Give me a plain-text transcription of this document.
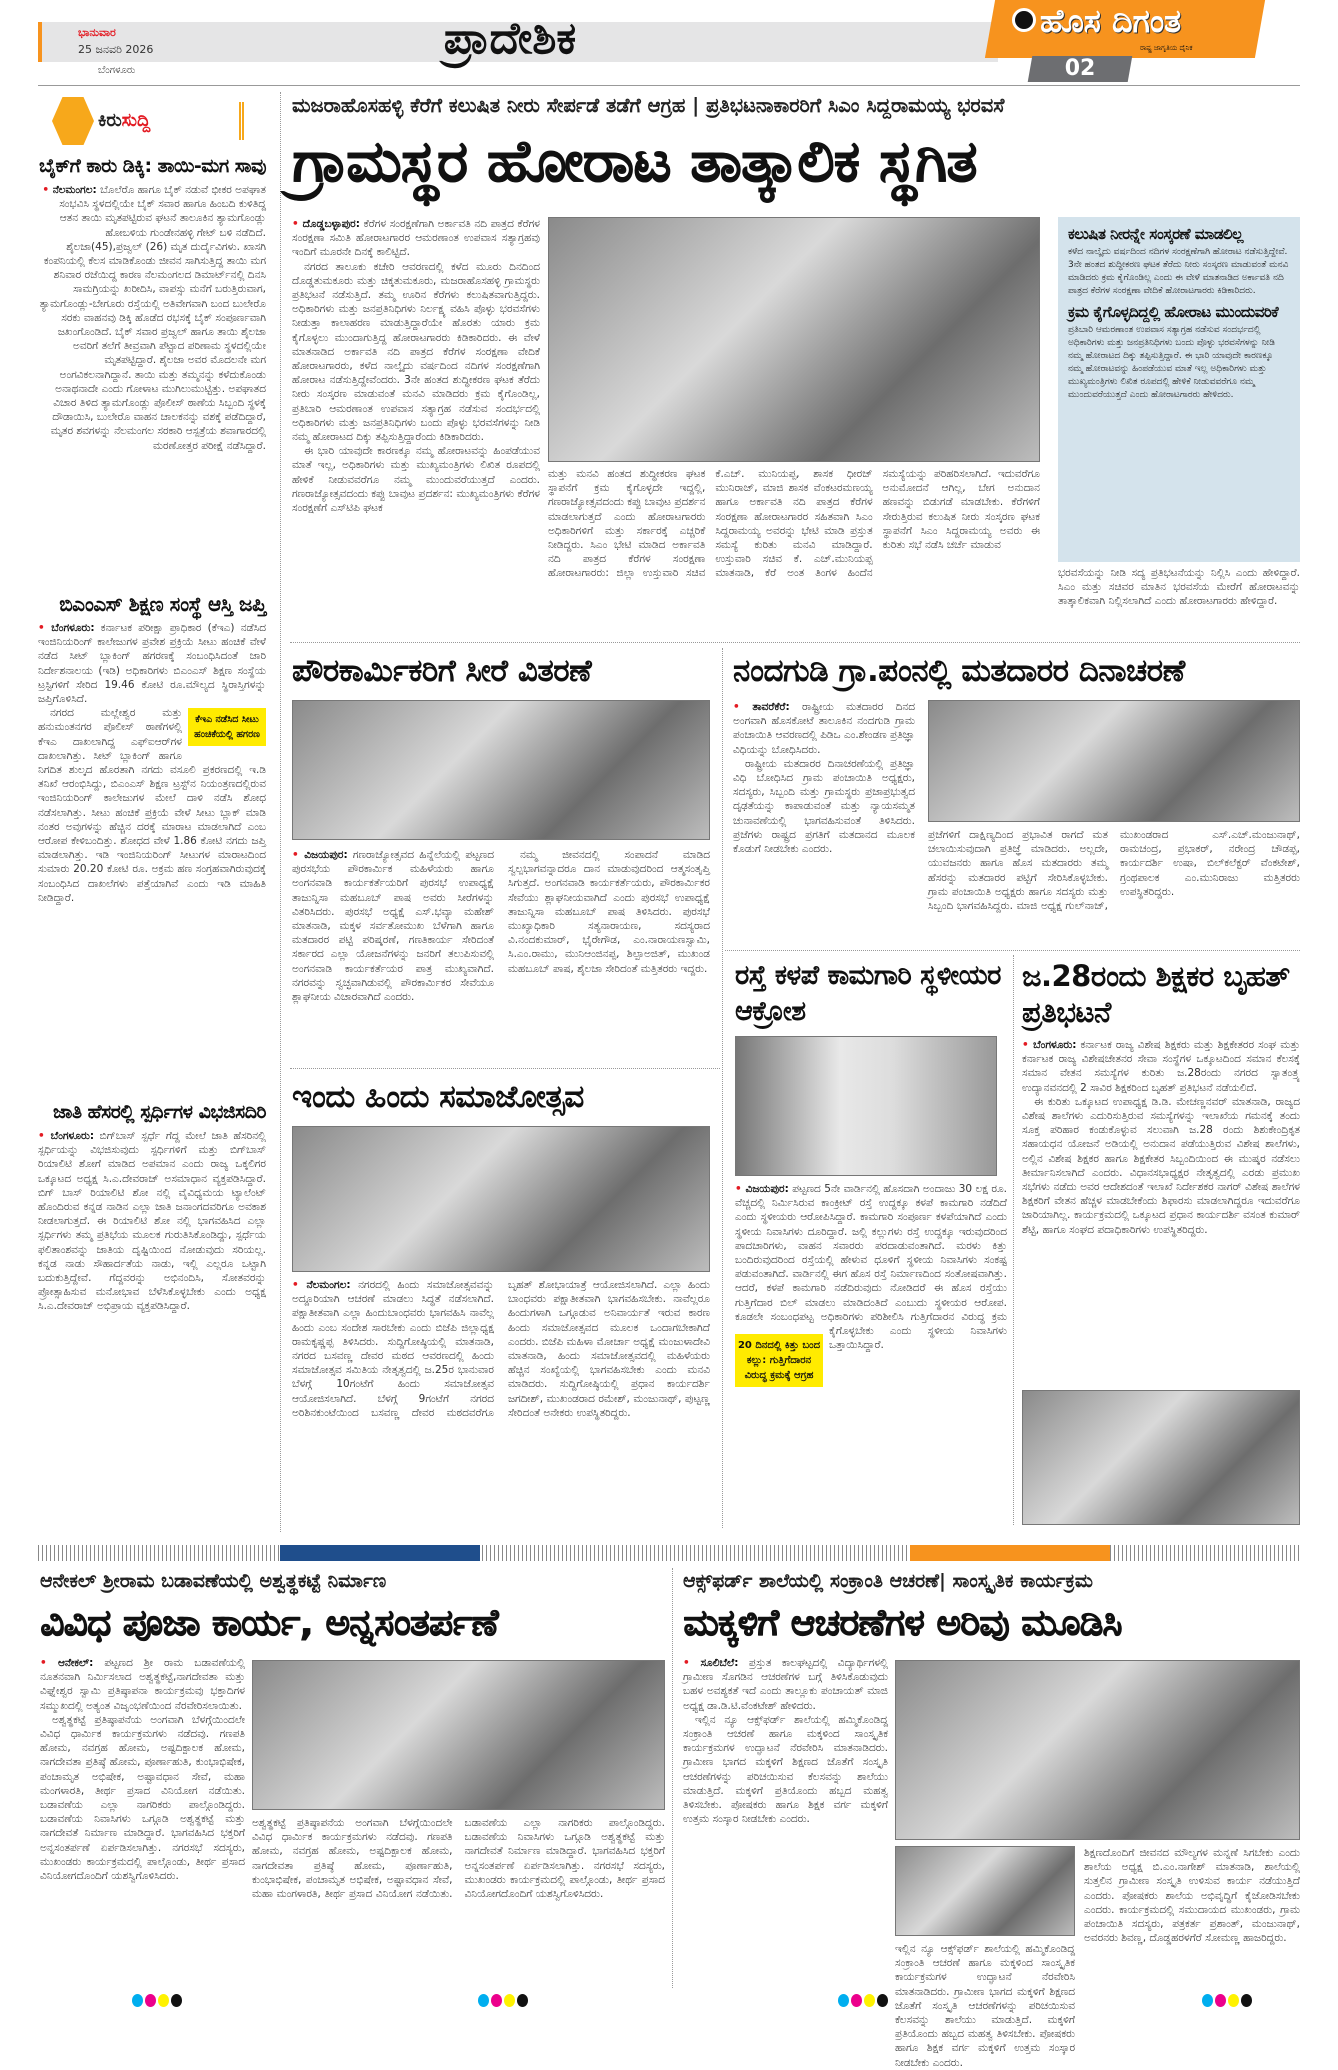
ಭಾನುವಾರ
25 ಜನವರಿ 2026
ಬೆಂಗಳೂರು
ಪ್ರಾದೇಶಿಕ	ಹೊಸ ದಿಗಂತ
ರಾಷ್ಟ್ರ ಜಾಗೃತಿಯ ದೈನಿಕ
02
ಕಿರುಸುದ್ದಿ
ಬೈಕ್‌ಗೆ ಕಾರು ಡಿಕ್ಕಿ: ತಾಯಿ-ಮಗ ಸಾವು

• ನೆಲಮಂಗಲ: ಬೊಲೆರೊ ಹಾಗೂ ಬೈಕ್ ನಡುವೆ ಭೀಕರ ಅಪಘಾತ ಸಂಭವಿಸಿ ಸ್ಥಳದಲ್ಲಿಯೇ ಬೈಕ್ ಸವಾರ ಹಾಗೂ ಹಿಂಬದಿ ಕುಳಿತಿದ್ದ ಆತನ ತಾಯಿ ಮೃತಪಟ್ಟಿರುವ ಘಟನೆ ತಾಲೂಕಿನ ತ್ಯಾಮಗೊಂಡ್ಲು ಹೋಬಳಿಯ ಗುಂಡೇನಹಳ್ಳಿ ಗೇಟ್ ಬಳಿ ನಡೆದಿದೆ. ಶೈಲಜಾ(45),ಪ್ರಜ್ವಲ್ (26) ಮೃತ ದುರ್ದೈವಿಗಳು. ಖಾಸಗಿ ಕಂಪನಿಯಲ್ಲಿ ಕೆಲಸ ಮಾಡಿಕೊಂಡು ಜೀವನ ಸಾಗಿಸುತ್ತಿದ್ದ ತಾಯಿ ಮಗ ಶನಿವಾರ ರಜೆಯಿದ್ದ ಕಾರಣ ನೆಲಮಂಗಲದ ಡಿಮಾರ್ಟ್‌ನಲ್ಲಿ ದಿನಸಿ ಸಾಮಗ್ರಿಯನ್ನು ಖರೀದಿಸಿ, ವಾಪಸ್ಸು ಮನೆಗೆ ಬರುತ್ತಿರುವಾಗ, ತ್ಯಾಮಗೊಂಡ್ಲು-ಬೇಗೂರು ರಸ್ತೆಯಲ್ಲಿ ಅತಿವೇಗವಾಗಿ ಬಂದ ಬುಲೇರೊ ಸರಕು ವಾಹನವು ಡಿಕ್ಕಿ ಹೊಡೆದ ರಭಸಕ್ಕೆ ಬೈಕ್ ಸಂಪೂರ್ಣವಾಗಿ ಜಖಂಗೊಂಡಿದೆ. ಬೈಕ್ ಸವಾರ ಪ್ರಜ್ವಲ್ ಹಾಗೂ ತಾಯಿ ಶೈಲಜಾ ಅವರಿಗೆ ತಲೆಗೆ ತೀವ್ರವಾಗಿ ಪೆಟ್ಟಾದ ಪರಿಣಾಮ ಸ್ಥಳದಲ್ಲಿಯೇ ಮೃತಪಟ್ಟಿದ್ದಾರೆ. ಶೈಲಜಾ ಅವರ ಮೊದಲನೇ ಮಗ ಅಂಗವಿಕಲನಾಗಿದ್ದಾನೆ. ತಾಯಿ ಮತ್ತು ತಮ್ಮನನ್ನು ಕಳೆದುಕೊಂಡು ಅನಾಥನಾದೇ ಎಂದು ಗೋಳಾಟ ಮುಗಿಲುಮುಟ್ಟಿತ್ತು. ಅಪಘಾತದ ವಿಚಾರ ತಿಳಿದ ತ್ಯಾಮಗೊಂಡ್ಲು ಪೊಲೀಸ್ ಠಾಣೆಯ ಸಿಬ್ಬಂದಿ ಸ್ಥಳಕ್ಕೆ ದೌಡಾಯಿಸಿ, ಬುಲೇರೊ ವಾಹನ ಚಾಲಕನನ್ನು ವಶಕ್ಕೆ ಪಡೆದಿದ್ದಾರೆ, ಮೃತರ ಶವಗಳನ್ನು ನೆಲಮಂಗಲ ಸರಕಾರಿ ಆಸ್ಪತ್ರೆಯ ಶವಾಗಾರದಲ್ಲಿ ಮರಣೋತ್ತರ ಪರೀಕ್ಷೆ ನಡೆಸಿದ್ದಾರೆ.

ಬಿಎಂಎಸ್ ಶಿಕ್ಷಣ ಸಂಸ್ಥೆ ಆಸ್ತಿ ಜಪ್ತಿ

• ಬೆಂಗಳೂರು: ಕರ್ನಾಟಕ ಪರೀಕ್ಷಾ ಪ್ರಾಧಿಕಾರ (ಕೆಇಎ) ನಡೆಸಿದ ಇಂಜಿನಿಯರಿಂಗ್ ಕಾಲೇಜುಗಳ ಪ್ರವೇಶ ಪ್ರಕ್ರಿಯೆ ಸೀಟು ಹಂಚಿಕೆ ವೇಳೆ ನಡೆದ ಸೀಟ್ ಬ್ಲಾಕಿಂಗ್ ಹಗರಣಕ್ಕೆ ಸಂಬಂಧಿಸಿದಂತೆ ಜಾರಿ ನಿರ್ದೇಶನಾಲಯ (ಇಡಿ) ಅಧಿಕಾರಿಗಳು ಬಿಎಂಎಸ್ ಶಿಕ್ಷಣ ಸಂಸ್ಥೆಯ ಟ್ರಸ್ಟಿಗಳಿಗೆ ಸೇರಿದ 19.46 ಕೋಟಿ ರೂ.ಮೌಲ್ಯದ ಸ್ಥಿರಾಸ್ತಿಗಳನ್ನು ಜಪ್ತಿಗೊಳಿಸಿದೆ.

ಕೆಇಎ ನಡೆಸಿದ ಸೀಟು ಹಂಚಿಕೆಯಲ್ಲಿ ಹಗರಣ

ನಗರದ ಮಲ್ಲೇಶ್ವರ ಮತ್ತು ಹನುಮಂತನಗರ ಪೊಲೀಸ್ ಠಾಣೆಗಳಲ್ಲಿ ಕೆಇಎ ದಾಖಲಾಗಿದ್ದ ಎಫ್‌ಐಆರ್‌ಗಳ ದಾಖಲಾಗಿತ್ತು. ಸೀಟ್ ಬ್ಲಾಕಿಂಗ್ ಹಾಗೂ ನಿಗದಿತ ಶುಲ್ಕದ ಹೊರತಾಗಿ ನಗದು ವಸೂಲಿ ಪ್ರಕರಣದಲ್ಲಿ ಇ.ಡಿ ತನಿಖೆ ಆರಂಭಿಸಿದ್ದು, ಬಿಎಂಎಸ್ ಶಿಕ್ಷಣ ಟ್ರಸ್ಟ್‌ನ ನಿಯಂತ್ರಣದಲ್ಲಿರುವ ಇಂಜಿನಿಯರಿಂಗ್ ಕಾಲೇಜುಗಳ ಮೇಲೆ ದಾಳಿ ನಡೆಸಿ ಶೋಧ ನಡೆಸಲಾಗಿತ್ತು. ಸೀಟು ಹಂಚಿಕೆ ಪ್ರಕ್ರಿಯೆ ವೇಳೆ ಸೀಟು ಬ್ಲಾಕ್ ಮಾಡಿ ನಂತರ ಅವುಗಳನ್ನು ಹೆಚ್ಚಿನ ದರಕ್ಕೆ ಮಾರಾಟ ಮಾಡಲಾಗಿದೆ ಎಂಬ ಆರೋಪ ಕೇಳಿಬಂದಿತ್ತು. ಶೋಧದ ವೇಳೆ 1.86 ಕೋಟಿ ನಗದು ಜಪ್ತಿ ಮಾಡಲಾಗಿತ್ತು. ಇಡಿ ಇಂಜಿನಿಯರಿಂಗ್ ಸೀಟುಗಳ ಮಾರಾಟದಿಂದ ಸುಮಾರು 20.20 ಕೋಟಿ ರೂ. ಅಕ್ರಮ ಹಣ ಸಂಗ್ರಹವಾಗಿರುವುದಕ್ಕೆ ಸಂಬಂಧಿಸಿದ ದಾಖಲೆಗಳು ಪತ್ತೆಯಾಗಿವೆ ಎಂದು ಇಡಿ ಮಾಹಿತಿ ನೀಡಿದ್ದಾರೆ.

ಜಾತಿ ಹೆಸರಲ್ಲಿ ಸ್ಪರ್ಧಿಗಳ ವಿಭಜಿಸದಿರಿ

• ಬೆಂಗಳೂರು: ಬಿಗ್‌ಬಾಸ್ ಸ್ಪರ್ಧೆ ಗೆದ್ದ ಮೇಲೆ ಜಾತಿ ಹೆಸರಿನಲ್ಲಿ ಸ್ಪರ್ಧಿಯನ್ನು ವಿಭಜಿಸುವುದು ಸ್ಪರ್ಧಿಗಳಿಗೆ ಮತ್ತು ಬಿಗ್‌ಬಾಸ್ ರಿಯಾಲಿಟಿ ಶೋಗೆ ಮಾಡಿದ ಅಪಮಾನ ಎಂದು ರಾಜ್ಯ ಒಕ್ಕಲಿಗರ ಒಕ್ಕೂಟದ ಅಧ್ಯಕ್ಷ ಸಿ.ಎ.ದೇವರಾಜ್ ಅಸಮಾಧಾನ ವ್ಯಕ್ತಪಡಿಸಿದ್ದಾರೆ. ಬಿಗ್ ಬಾಸ್ ರಿಯಾಲಿಟಿ ಶೋ ನಲ್ಲಿ ವೈವಿಧ್ಯಮಯ ಟ್ಯಾಲೆಂಟ್ ಹೊಂದಿರುವ ಕನ್ನಡ ನಾಡಿನ ಎಲ್ಲಾ ಜಾತಿ ಜನಾಂಗದವರಿಗೂ ಅವಕಾಶ ನೀಡಲಾಗುತ್ತದೆ. ಈ ರಿಯಾಲಿಟಿ ಶೋ ನಲ್ಲಿ ಭಾಗವಹಿಸಿದ ಎಲ್ಲಾ ಸ್ಪರ್ಧಿಗಳು ತಮ್ಮ ಪ್ರತಿಭೆಯ ಮೂಲಕ ಗುರುತಿಸಿಕೊಂಡಿದ್ದು, ಸ್ಪರ್ಧೆಯ ಫಲಿತಾಂಶವನ್ನು ಜಾತಿಯ ದೃಷ್ಟಿಯಿಂದ ನೋಡುವುದು ಸರಿಯಲ್ಲ. ಕನ್ನಡ ನಾಡು ಸೌಹಾರ್ದತೆಯ ನಾಡು, ಇಲ್ಲಿ ಎಲ್ಲರೂ ಒಟ್ಟಾಗಿ ಬದುಕುತ್ತಿದ್ದೇವೆ. ಗೆದ್ದವರನ್ನು ಅಭಿನಂದಿಸಿ, ಸೋತವರನ್ನು ಪ್ರೋತ್ಸಾಹಿಸುವ ಮನೋಭಾವ ಬೆಳೆಸಿಕೊಳ್ಳಬೇಕು ಎಂದು ಅಧ್ಯಕ್ಷ ಸಿ.ಎ.ದೇವರಾಜ್ ಅಭಿಪ್ರಾಯ ವ್ಯಕ್ತಪಡಿಸಿದ್ದಾರೆ.

ಮಜರಾಹೊಸಹಳ್ಳಿ ಕೆರೆಗೆ ಕಲುಷಿತ ನೀರು ಸೇರ್ಪಡೆ ತಡೆಗೆ ಆಗ್ರಹ | ಪ್ರತಿಭಟನಾಕಾರರಿಗೆ ಸಿಎಂ ಸಿದ್ದರಾಮಯ್ಯ ಭರವಸೆ
ಗ್ರಾಮಸ್ಥರ ಹೋರಾಟ ತಾತ್ಕಾಲಿಕ ಸ್ಥಗಿತ

• ದೊಡ್ಡಬಳ್ಳಾಪುರ: ಕೆರೆಗಳ ಸಂರಕ್ಷಣೆಗಾಗಿ ಅರ್ಕಾವತಿ ನದಿ ಪಾತ್ರದ ಕೆರೆಗಳ ಸಂರಕ್ಷಣಾ ಸಮಿತಿ ಹೋರಾಟಗಾರರ ಆಮರಣಾಂತ ಉಪವಾಸ ಸತ್ಯಾಗ್ರಹವು ಇಂದಿಗೆ ಮೂರನೇ ದಿನಕ್ಕೆ ಕಾಲಿಟ್ಟಿದೆ.

ನಗರದ ತಾಲೂಕು ಕಚೇರಿ ಆವರಣದಲ್ಲಿ ಕಳೆದ ಮೂರು ದಿನದಿಂದ ದೊಡ್ಡತುಮಕೂರು ಮತ್ತು ಚಿಕ್ಕತುಮಕೂರು, ಮಜರಾಹೊಸಹಳ್ಳಿ ಗ್ರಾಮಸ್ಥರು ಪ್ರತಿಭಟನೆ ನಡೆಸುತ್ತಿದೆ. ತಮ್ಮ ಊರಿನ ಕೆರೆಗಳು ಕಲುಷಿತವಾಗುತ್ತಿದ್ದರು. ಅಧಿಕಾರಿಗಳು ಮತ್ತು ಜನಪ್ರತಿನಿಧಿಗಳು ನಿರ್ಲಕ್ಷ್ಯ ವಹಿಸಿ ಪೊಳ್ಳು ಭರವಸೆಗಳು ನೀಡುತ್ತಾ ಕಾಲಾಹರಣ ಮಾಡುತ್ತಿದ್ದಾರೆಯೇ ಹೊರತು ಯಾರು ಕ್ರಮ ಕೈಗೊಳ್ಳಲು ಮುಂದಾಗುತ್ತಿದ್ದ ಹೋರಾಟಗಾರರು ಕಿಡಿಕಾರಿದರು. ಈ ವೇಳೆ ಮಾತನಾಡಿದ ಅರ್ಕಾವತಿ ನದಿ ಪಾತ್ರದ ಕೆರೆಗಳ ಸಂರಕ್ಷಣಾ ವೇದಿಕೆ ಹೋರಾಟಗಾರರು, ಕಳೆದ ನಾಲ್ಕೈದು ವರ್ಷದಿಂದ ನದಿಗಳ ಸಂರಕ್ಷಣೆಗಾಗಿ ಹೋರಾಟ ನಡೆಸುತ್ತಿದ್ದೇವೆಂದರು. 3ನೇ ಹಂತದ ಶುದ್ಧೀಕರಣ ಘಟಕ ತೆರೆದು ನೀರು ಸಂಸ್ಕರಣ ಮಾಡುವಂತೆ ಮನವಿ ಮಾಡಿದರು ಕ್ರಮ ಕೈಗೊಂಡಿಲ್ಲ, ಪ್ರತಿಬಾರಿ ಆಮರಣಾಂತ ಉಪವಾಸ ಸತ್ಯಾಗ್ರಹ ನಡೆಸುವ ಸಂದರ್ಭದಲ್ಲಿ ಅಧಿಕಾರಿಗಳು ಮತ್ತು ಜನಪ್ರತಿನಿಧಿಗಳು ಬಂದು ಪೊಳ್ಳು ಭರವಸೆಗಳನ್ನು ನೀಡಿ ನಮ್ಮ ಹೋರಾಟದ ದಿಕ್ಕು ತಪ್ಪಿಸುತ್ತಿದ್ದಾರೆಂದು ಕಿಡಿಕಾರಿದರು.

ಈ ಭಾರಿ ಯಾವುದೇ ಕಾರಣಕ್ಕೂ ನಮ್ಮ ಹೋರಾಟವನ್ನು ಹಿಂಪಡೆಯುವ ಮಾತೆ ಇಲ್ಲ, ಅಧಿಕಾರಿಗಳು ಮತ್ತು ಮುಖ್ಯಮಂತ್ರಿಗಳು ಲಿಖಿತ ರೂಪದಲ್ಲಿ ಹೇಳಿಕೆ ನೀಡುವವರೆಗೂ ನಮ್ಮ ಮುಂದುವರೆಯುತ್ತದೆ ಎಂದರು. ಗಣರಾಜ್ಯೋತ್ಸವದಂದು ಕಪ್ಪು ಬಾವುಟ ಪ್ರದರ್ಶನ: ಮುಖ್ಯಮಂತ್ರಿಗಳು ಕೆರೆಗಳ ಸಂರಕ್ಷಣೆಗೆ ಎಸ್‌ಟಿಪಿ ಘಟಕ

ಮತ್ತು ಮನವಿ ಹಂತದ ಶುದ್ಧೀಕರಣ ಘಟಕ ಸ್ಥಾಪನೆಗೆ ಕ್ರಮ ಕೈಗೊಳ್ಳದೇ ಇದ್ದಲ್ಲಿ, ಗಣರಾಜ್ಯೋತ್ಸವದಂದು ಕಪ್ಪು ಬಾವುಟ ಪ್ರದರ್ಶನ ಮಾಡಲಾಗುತ್ತದೆ ಎಂದು ಹೋರಾಟಗಾರರು ಅಧಿಕಾರಿಗಳಿಗೆ ಮತ್ತು ಸರ್ಕಾರಕ್ಕೆ ಎಚ್ಚರಿಕೆ ನೀಡಿದ್ದರು. ಸಿಎಂ ಭೇಟಿ ಮಾಡಿದ ಅರ್ಕಾವತಿ ನದಿ ಪಾತ್ರದ ಕೆರೆಗಳ ಸಂರಕ್ಷಣಾ ಹೋರಾಟಗಾರರು: ಜಿಲ್ಲಾ ಉಸ್ತುವಾರಿ ಸಚಿವ ಕೆ.ಎಚ್. ಮುನಿಯಪ್ಪ, ಶಾಸಕ ಧೀರಜ್ ಮುನಿರಾಜ್, ಮಾಜಿ ಶಾಸಕ ವೆಂಕಟರಮಣಯ್ಯ ಹಾಗೂ ಅರ್ಕಾವತಿ ನದಿ ಪಾತ್ರದ ಕೆರೆಗಳ ಸಂರಕ್ಷಣಾ ಹೋರಾಟಗಾರರ ಸಹಿತವಾಗಿ ಸಿಎಂ ಸಿದ್ದರಾಮಯ್ಯ ಅವರನ್ನು ಭೇಟಿ ಮಾಡಿ ಪ್ರಸ್ತುತ ಸಮಸ್ಯೆ ಕುರಿತು ಮನವಿ ಮಾಡಿದ್ದಾರೆ. ಉಸ್ತುವಾರಿ ಸಚಿವ ಕೆ. ಎಚ್.ಮುನಿಯಪ್ಪ ಮಾತನಾಡಿ, ಕೆರೆ ಅಂತ ತಿಂಗಳ ಹಿಂದೆನ ಸಮಸ್ಯೆಯನ್ನು ಪರಿಹರಿಸಲಾಗಿದೆ. ಇದುವರೆಗೂ ಅನುಮೋದನೆ ಆಗಿಲ್ಲ, ಬೇಗ ಅನುದಾನ ಹಣವನ್ನು ಬಿಡುಗಡೆ ಮಾಡಬೇಕು. ಕೆರೆಗಳಿಗೆ ಸೇರುತ್ತಿರುವ ಕಲುಷಿತ ನೀರು ಸಂಸ್ಕರಣ ಘಟಕ ಸ್ಥಾಪನೆಗೆ ಸಿಎಂ ಸಿದ್ದರಾಮಯ್ಯ ಅವರು ಈ ಕುರಿತು ಸಭೆ ನಡೆಸಿ ಚರ್ಚೆ ಮಾಡುವ

ಕಲುಷಿತ ನೀರನ್ನೇ ಸಂಸ್ಕರಣೆ ಮಾಡಲಿಲ್ಲ
ಕಳೆದ ನಾಲ್ಕೈದು ವರ್ಷದಿಂದ ನದಿಗಳ ಸಂರಕ್ಷಣೆಗಾಗಿ ಹೋರಾಟ ನಡೆಸುತ್ತಿದ್ದೇವೆ. 3ನೇ ಹಂತದ ಶುದ್ಧೀಕರಣ ಘಟಕ ತೆರೆದು ನೀರು ಸಂಸ್ಕರಣ ಮಾಡುವಂತೆ ಮನವಿ ಮಾಡಿದರು ಕ್ರಮ ಕೈಗೊಂಡಿಲ್ಲ ಎಂದು ಈ ವೇಳೆ ಮಾತನಾಡಿದ ಅರ್ಕಾವತಿ ನದಿ ಪಾತ್ರದ ಕೆರೆಗಳ ಸಂರಕ್ಷಣಾ ವೇದಿಕೆ ಹೋರಾಟಗಾರರು ಕಿಡಿಕಾರಿದರು.
ಕ್ರಮ ಕೈಗೊಳ್ಳದಿದ್ದಲ್ಲಿ ಹೋರಾಟ ಮುಂದುವರಿಕೆ
ಪ್ರತಿಬಾರಿ ಆಮರಣಾಂತ ಉಪವಾಸ ಸತ್ಯಾಗ್ರಹ ನಡೆಸುವ ಸಂದರ್ಭದಲ್ಲಿ ಅಧಿಕಾರಿಗಳು ಮತ್ತು ಜನಪ್ರತಿನಿಧಿಗಳು ಬಂದು ಪೊಳ್ಳು ಭರವಸೆಗಳನ್ನು ನೀಡಿ ನಮ್ಮ ಹೋರಾಟದ ದಿಕ್ಕು ತಪ್ಪಿಸುತ್ತಿದ್ದಾರೆ. ಈ ಭಾರಿ ಯಾವುದೇ ಕಾರಣಕ್ಕೂ ನಮ್ಮ ಹೋರಾಟವನ್ನು ಹಿಂಪಡೆಯುವ ಮಾತೆ ಇಲ್ಲ ಅಧಿಕಾರಿಗಳು ಮತ್ತು ಮುಖ್ಯಮಂತ್ರಿಗಳು ಲಿಖಿತ ರೂಪದಲ್ಲಿ ಹೇಳಿಕೆ ನೀಡುವವರೆಗೂ ನಮ್ಮ ಮುಂದುವರೆಯುತ್ತದೆ ಎಂದು ಹೋರಾಟಗಾರರು ಹೇಳಿದರು.

ಭರವಸೆಯನ್ನು ನೀಡಿ ಸದ್ಯ ಪ್ರತಿಭಟನೆಯನ್ನು ನಿಲ್ಲಿಸಿ ಎಂದು ಹೇಳಿದ್ದಾರೆ. ಸಿಎಂ ಮತ್ತು ಸಚಿವರ ಮಾತಿನ ಭರವಸೆಯ ಮೇರೆಗೆ ಹೋರಾಟವನ್ನು ತಾತ್ಕಾಲಿಕವಾಗಿ ನಿಲ್ಲಿಸಲಾಗಿದೆ ಎಂದು ಹೋರಾಟಗಾರರು ಹೇಳಿದ್ದಾರೆ.

ಪೌರಕಾರ್ಮಿಕರಿಗೆ ಸೀರೆ ವಿತರಣೆ

• ವಿಜಯಪುರ: ಗಣರಾಜ್ಯೋತ್ಸವದ ಹಿನ್ನೆಲೆಯಲ್ಲಿ ಪಟ್ಟಣದ ಪುರಸಭೆಯ ಪೌರಕಾರ್ಮಿಕ ಮಹಿಳೆಯರು ಹಾಗೂ ಅಂಗನವಾಡಿ ಕಾರ್ಯಕರ್ತೆಯರಿಗೆ ಪುರಸಭೆ ಉಪಾಧ್ಯಕ್ಷೆ ತಾಜುನ್ನಿಸಾ ಮಹಬೂಬ್ ಪಾಷ ಅವರು ಸೀರೆಗಳನ್ನು ವಿತರಿಸಿದರು. ಪುರಸಭೆ ಅಧ್ಯಕ್ಷೆ ಎಸ್.ಭವ್ಯಾ ಮಹೇಶ್ ಮಾತನಾಡಿ, ಮಕ್ಕಳ ಸರ್ವತೋಮುಖ ಬೆಳೆಗಾಗಿ ಹಾಗೂ ಮತದಾರರ ಪಟ್ಟಿ ಪರಿಷ್ಕರಣೆ, ಗಣತಿಕಾರ್ಯ ಸೇರಿದಂತೆ ಸರ್ಕಾರದ ಎಲ್ಲಾ ಯೋಜನೆಗಳನ್ನು ಜನರಿಗೆ ತಲುಪಿಸುವಲ್ಲಿ ಅಂಗನವಾಡಿ ಕಾರ್ಯಕರ್ತೆಯರ ಪಾತ್ರ ಮುಖ್ಯವಾಗಿದೆ. ನಗರವನ್ನು ಸ್ವಚ್ಛವಾಗಿಡುವಲ್ಲಿ ಪೌರಕಾರ್ಮಿಕರ ಸೇವೆಯೂ ಶ್ಲಾಘನೀಯ ವಿಚಾರವಾಗಿದೆ ಎಂದರು.

ನಮ್ಮ ಜೀವನದಲ್ಲಿ ಸಂಪಾದನೆ ಮಾಡಿದ ಸ್ವಲ್ಪಭಾಗವನ್ನಾದರೂ ದಾನ ಮಾಡುವುದರಿಂದ ಆತ್ಮಸಂತೃಪ್ತಿ ಸಿಗುತ್ತದೆ. ಅಂಗನವಾಡಿ ಕಾರ್ಯಕರ್ತೆಯರು, ಪೌರಕಾರ್ಮಿಕರ ಸೇವೆಯು ಶ್ಲಾಘನೀಯವಾಗಿದೆ ಎಂದು ಪುರಸಭೆ ಉಪಾಧ್ಯಕ್ಷೆ ತಾಜುನ್ನಿಸಾ ಮಹಬೂಬ್ ಪಾಷ ತಿಳಿಸಿದರು. ಪುರಸಭೆ ಮುಖ್ಯಾಧಿಕಾರಿ ಸತ್ಯನಾರಾಯಣ, ಸದಸ್ಯರಾದ ವಿ.ನಂದಕುಮಾರ್, ಭೈರೇಗೌಡ, ಎಂ.ನಾರಾಯಣಸ್ವಾಮಿ, ಸಿ.ಎಂ.ರಾಮು, ಮುನಿಆಂಜಿನಪ್ಪ, ಶಿಲ್ಪಾಅಜಿತ್, ಮುಖಂಡ ಮಹಬೂಬ್ ಪಾಷ, ಶೈಲಜಾ ಸೇರಿದಂತೆ ಮತ್ತಿತರರು ಇದ್ದರು.

ನಂದಗುಡಿ ಗ್ರಾ.ಪಂನಲ್ಲಿ ಮತದಾರರ ದಿನಾಚರಣೆ

• ತಾವರೆಕೆರೆ: ರಾಷ್ಟ್ರೀಯ ಮತದಾರರ ದಿನದ ಅಂಗವಾಗಿ ಹೊಸಕೋಟೆ ತಾಲೂಕಿನ ನಂದಗುಡಿ ಗ್ರಾಮ ಪಂಚಾಯಿತಿ ಆವರಣದಲ್ಲಿ ಪಿಡಿಒ ಎಂ.ಶೇಂಡಣ ಪ್ರತಿಜ್ಞಾ ವಿಧಿಯನ್ನು ಬೋಧಿಸಿದರು.

ರಾಷ್ಟ್ರೀಯ ಮತದಾರರ ದಿನಾಚರಣೆಯಲ್ಲಿ ಪ್ರತಿಜ್ಞಾ ವಿಧಿ ಬೋಧಿಸಿದ ಗ್ರಾಮ ಪಂಚಾಯಿತಿ ಅಧ್ಯಕ್ಷರು, ಸದಸ್ಯರು, ಸಿಬ್ಬಂದಿ ಮತ್ತು ಗ್ರಾಮಸ್ಥರು ಪ್ರಜಾಪ್ರಭುತ್ವದ ದೃಢತೆಯನ್ನು ಕಾಪಾಡುವಂತೆ ಮತ್ತು ನ್ಯಾಯಸಮ್ಮತ ಚುನಾವಣೆಯಲ್ಲಿ ಭಾಗವಹಿಸುವಂತೆ ತಿಳಿಸಿದರು. ಪ್ರಜೆಗಳು ರಾಷ್ಟ್ರದ ಪ್ರಗತಿಗೆ ಮತದಾನದ ಮೂಲಕ ಕೊಡುಗೆ ನೀಡಬೇಕು ಎಂದರು.

ಪ್ರಜೆಗಳಿಗೆ ದಾಕ್ಷಿಣ್ಯದಿಂದ ಪ್ರಭಾವಿತ ರಾಗದೆ ಮತ ಚಲಾಯಿಸುವುದಾಗಿ ಪ್ರತಿಜ್ಞೆ ಮಾಡಿದರು. ಅಲ್ಲದೇ, ಯುವಜನರು ಹಾಗೂ ಹೊಸ ಮತದಾರರು ತಮ್ಮ ಹೆಸರನ್ನು ಮತದಾರರ ಪಟ್ಟಿಗೆ ಸೇರಿಸಿಕೊಳ್ಳಬೇಕು. ಗ್ರಾಮ ಪಂಚಾಯಿತಿ ಅಧ್ಯಕ್ಷರು ಹಾಗೂ ಸದಸ್ಯರು ಮತ್ತು ಸಿಬ್ಬಂದಿ ಭಾಗವಹಿಸಿದ್ದರು. ಮಾಜಿ ಅಧ್ಯಕ್ಷ ಗುಲ್‌ನಾಜ್, ಮುಖಂಡರಾದ ಎಸ್.ಎಚ್.ಮಂಜುನಾಥ್, ರಾಮಚಂದ್ರ, ಪ್ರಭಾಕರ್, ನರೇಂದ್ರ ಚೌಡಪ್ಪ, ಕಾರ್ಯದರ್ಶಿ ಉಷಾ, ಬಿಲ್‌ಕಲೆಕ್ಟರ್ ವೆಂಕಟೇಶ್, ಗ್ರಂಥಪಾಲಕ ಎಂ.ಮುನಿರಾಜು ಮತ್ತಿತರರು ಉಪಸ್ಥಿತರಿದ್ದರು.

ರಸ್ತೆ ಕಳಪೆ ಕಾಮಗಾರಿ ಸ್ಥಳೀಯರ ಆಕ್ರೋಶ
20 ದಿನದಲ್ಲಿ ಕಿತ್ತು ಬಂದ ಕಲ್ಲು: ಗುತ್ತಿಗೆದಾರನ ವಿರುದ್ಧ ಕ್ರಮಕ್ಕೆ ಆಗ್ರಹ

• ವಿಜಯಪುರ: ಪಟ್ಟಣದ 5ನೇ ವಾರ್ಡಿನಲ್ಲಿ ಹೊಸದಾಗಿ ಅಂದಾಜು 30 ಲಕ್ಷ ರೂ. ವೆಚ್ಚದಲ್ಲಿ ನಿರ್ಮಿಸಿರುವ ಕಾಂಕ್ರೀಟ್ ರಸ್ತೆ ಉದ್ದಕ್ಕೂ ಕಳಪೆ ಕಾಮಗಾರಿ ನಡೆದಿದೆ ಎಂದು ಸ್ಥಳೀಯರು ಆರೋಪಿಸಿದ್ದಾರೆ. ಕಾಮಗಾರಿ ಸಂಪೂರ್ಣ ಕಳಪೆಯಾಗಿದೆ ಎಂದು ಸ್ಥಳೀಯ ನಿವಾಸಿಗಳು ದೂರಿದ್ದಾರೆ. ಜಲ್ಲಿ ಕಲ್ಲುಗಳು ರಸ್ತೆ ಉದ್ದಕ್ಕೂ ಇರುವುದರಿಂದ ಪಾದಚಾರಿಗಳು, ವಾಹನ ಸವಾರರು ಪರದಾಡುವಂತಾಗಿದೆ. ಮರಳು ಕಿತ್ತು ಬಂದಿರುವುದರಿಂದ ರಸ್ತೆಯಲ್ಲಿ ಹೇಳುವ ಧೂಳಿಗೆ ಸ್ಥಳೀಯ ನಿವಾಸಿಗಳು ಸಂಕಷ್ಟ ಪಡುವಂತಾಗಿದೆ. ವಾರ್ಡಿನಲ್ಲಿ ಈಗ ಹೊಸ ರಸ್ತೆ ನಿರ್ಮಾಣದಿಂದ ಸಂತೋಷವಾಗಿತ್ತು. ಆದರೆ, ಕಳಪೆ ಕಾಮಗಾರಿ ನಡೆದಿರುವುದು ನೋಡಿದರೆ ಈ ಹೊಸ ರಸ್ತೆಯು ಗುತ್ತಿಗೆದಾರ ಬಿಲ್ ಮಾಡಲು ಮಾಡಿದಂತಿದೆ ಎಂಬುದು ಸ್ಥಳೀಯರ ಆರೋಪ. ಕೂಡಲೇ ಸಂಬಂಧಪಟ್ಟ ಅಧಿಕಾರಿಗಳು ಪರಿಶೀಲಿಸಿ ಗುತ್ತಿಗೆದಾರನ ವಿರುದ್ಧ ಕ್ರಮ ಕೈಗೊಳ್ಳಬೇಕು ಎಂದು ಸ್ಥಳೀಯ ನಿವಾಸಿಗಳು ಒತ್ತಾಯಿಸಿದ್ದಾರೆ.

ಜ.28ರಂದು ಶಿಕ್ಷಕರ ಬೃಹತ್ ಪ್ರತಿಭಟನೆ

• ಬೆಂಗಳೂರು: ಕರ್ನಾಟಕ ರಾಜ್ಯ ವಿಶೇಷ ಶಿಕ್ಷಕರು ಮತ್ತು ಶಿಕ್ಷಕೇತರರ ಸಂಘ ಮತ್ತು ಕರ್ನಾಟಕ ರಾಜ್ಯ ವಿಶೇಷಚೇತನರ ಸೇವಾ ಸಂಸ್ಥೆಗಳ ಒಕ್ಕೂಟದಿಂದ ಸಮಾನ ಕೆಲಸಕ್ಕೆ ಸಮಾನ ವೇತನ ಸಮಸ್ಯೆಗಳ ಕುರಿತು ಜ.28ರಂದು ನಗರದ ಸ್ವಾತಂತ್ರ್ಯ ಉದ್ಯಾನವನದಲ್ಲಿ 2 ಸಾವಿರ ಶಿಕ್ಷಕರಿಂದ ಬೃಹತ್ ಪ್ರತಿಭಟನೆ ನಡೆಯಲಿದೆ.

ಈ ಕುರಿತು ಒಕ್ಕೂಟದ ಉಪಾಧ್ಯಕ್ಷ ಡಿ.ಡಿ. ಮೇಚಣ್ಣನವರ್ ಮಾತನಾಡಿ, ರಾಜ್ಯದ ವಿಶೇಷ ಶಾಲೆಗಳು ಎದುರಿಸುತ್ತಿರುವ ಸಮಸ್ಯೆಗಳನ್ನು ಇಲಾಖೆಯ ಗಮನಕ್ಕೆ ತಂದು ಸೂಕ್ತ ಪರಿಹಾರ ಕಂಡುಕೊಳ್ಳುವ ಸಲುವಾಗಿ ಜ.28 ರಂದು ಶಿಶುಕೇಂದ್ರಿಕೃತ ಸಹಾಯಧನ ಯೋಜನೆ ಅಡಿಯಲ್ಲಿ ಅನುದಾನ ಪಡೆಯುತ್ತಿರುವ ವಿಶೇಷ ಶಾಲೆಗಳು, ಅಲ್ಲಿನ ವಿಶೇಷ ಶಿಕ್ಷಕರ ಹಾಗೂ ಶಿಕ್ಷಕೇತರ ಸಿಬ್ಬಂದಿಯಿಂದ ಈ ಮುಷ್ಕರ ನಡೆಸಲು ತೀರ್ಮಾನಿಸಲಾಗಿದೆ ಎಂದರು. ವಿಧಾನಸಭಾಧ್ಯಕ್ಷರ ನೇತೃತ್ವದಲ್ಲಿ ಎರಡು ಪ್ರಮುಖ ಸಭೆಗಳು ನಡೆದು ಅವರ ಆದೇಶದಂತೆ ಇಲಾಖೆ ನಿರ್ದೇಶಕರ ನಾಗರ್ ವಿಶೇಷ ಶಾಲೆಗಳ ಶಿಕ್ಷಕರಿಗೆ ವೇತನ ಹೆಚ್ಚಳ ಮಾಡಬೇಕೆಂದು ಶಿಫಾರಸು ಮಾಡಲಾಗಿದ್ದರೂ ಇದುವರೆಗೂ ಜಾರಿಯಾಗಿಲ್ಲ. ಕಾರ್ಯಕ್ರಮದಲ್ಲಿ ಒಕ್ಕೂಟದ ಪ್ರಧಾನ ಕಾರ್ಯದರ್ಶಿ ವಸಂತ ಕುಮಾರ್ ಶೆಟ್ಟಿ, ಹಾಗೂ ಸಂಘದ ಪದಾಧಿಕಾರಿಗಳು ಉಪಸ್ಥಿತರಿದ್ದರು.

ಇಂದು ಹಿಂದು ಸಮಾಜೋತ್ಸವ

• ನೆಲಮಂಗಲ: ನಗರದಲ್ಲಿ ಹಿಂದು ಸಮಾಜೋತ್ಸವವನ್ನು ಅದ್ದೂರಿಯಾಗಿ ಆಚರಣೆ ಮಾಡಲು ಸಿದ್ಧತೆ ನಡೆಸಲಾಗಿದೆ. ಪಕ್ಷಾತೀತವಾಗಿ ಎಲ್ಲಾ ಹಿಂದುಬಾಂಧವರು ಭಾಗವಹಿಸಿ ನಾವೆಲ್ಲ ಹಿಂದು ಎಂಬ ಸಂದೇಶ ಸಾರಬೇಕು ಎಂದು ಬಿಜೆಪಿ ಜಿಲ್ಲಾಧ್ಯಕ್ಷ ರಾಮಕೃಷ್ಣಪ್ಪ ತಿಳಿಸಿದರು. ಸುದ್ದಿಗೋಷ್ಠಿಯಲ್ಲಿ ಮಾತನಾಡಿ, ನಗರದ ಬಸವಣ್ಣ ದೇವರ ಮಠದ ಆವರಣದಲ್ಲಿ ಹಿಂದು ಸಮಾಜೋತ್ಸವ ಸಮಿತಿಯ ನೇತೃತ್ವದಲ್ಲಿ ಜ.25ರ ಭಾನುವಾರ ಬೆಳಗ್ಗೆ 10ಗಂಟೆಗೆ ಹಿಂದು ಸಮಾಜೋತ್ಸವ ಆಯೋಜಿಸಲಾಗಿದೆ. ಬೆಳಗ್ಗೆ 9ಗಂಟೆಗೆ ನಗರದ ಅರಿಶಿನಕುಂಟೆಯಿಂದ ಬಸವಣ್ಣ ದೇವರ ಮಠದವರೆಗೂ ಬೃಹತ್ ಶೋಭಾಯಾತ್ರೆ ಆಯೋಜಿಸಲಾಗಿದೆ. ಎಲ್ಲಾ ಹಿಂದು ಬಾಂಧವರು ಪಕ್ಷಾತೀತವಾಗಿ ಭಾಗವಹಿಸಬೇಕು. ನಾವೆಲ್ಲರೂ ಹಿಂದುಗಳಾಗಿ ಒಗ್ಗೂಡುವ ಅನಿವಾರ್ಯತೆ ಇರುವ ಕಾರಣ ಹಿಂದು ಸಮಾಜೋತ್ಸವದ ಮೂಲಕ ಒಂದಾಗಬೇಕಾಗಿದೆ ಎಂದರು. ಬಿಜೆಪಿ ಮಹಿಳಾ ಮೋರ್ಚಾ ಅಧ್ಯಕ್ಷೆ ಮಂಜುಳಾದೇವಿ ಮಾತನಾಡಿ, ಹಿಂದು ಸಮಾಜೋತ್ಸವದಲ್ಲಿ ಮಹಿಳೆಯರು ಹೆಚ್ಚಿನ ಸಂಖ್ಯೆಯಲ್ಲಿ ಭಾಗವಹಿಸಬೇಕು ಎಂದು ಮನವಿ ಮಾಡಿದರು. ಸುದ್ದಿಗೋಷ್ಠಿಯಲ್ಲಿ ಪ್ರಧಾನ ಕಾರ್ಯದರ್ಶಿ ಜಗದೀಶ್, ಮುಖಂಡರಾದ ರಮೇಶ್, ಮಂಜುನಾಥ್, ಪುಟ್ಟಣ್ಣ ಸೇರಿದಂತೆ ಅನೇಕರು ಉಪಸ್ಥಿತರಿದ್ದರು.

ಆನೇಕಲ್ ಶ್ರೀರಾಮ ಬಡಾವಣೆಯಲ್ಲಿ ಅಶ್ವತ್ಥಕಟ್ಟೆ ನಿರ್ಮಾಣ
ವಿವಿಧ ಪೂಜಾ ಕಾರ್ಯ, ಅನ್ನಸಂತರ್ಪಣೆ

• ಆನೇಕಲ್: ಪಟ್ಟಣದ ಶ್ರೀ ರಾಮ ಬಡಾವಣೆಯಲ್ಲಿ ನೂತನವಾಗಿ ನಿರ್ಮಿಸಲಾದ ಅಶ್ವತ್ಥಕಟ್ಟೆ,ನಾಗದೇವತಾ ಮತ್ತು ವಿಘ್ನೇಶ್ವರ ಸ್ವಾಮಿ ಪ್ರತಿಷ್ಠಾಪನಾ ಕಾರ್ಯಕ್ರಮವು ಭಕ್ತಾದಿಗಳ ಸಮ್ಮುಖದಲ್ಲಿ ಅತ್ಯಂತ ವಿಜೃಂಭಣೆಯಿಂದ ನೆರವೇರಿಸಲಾಯಿತು.

ಅಶ್ವತ್ಥಕಟ್ಟೆ ಪ್ರತಿಷ್ಠಾಪನೆಯ ಅಂಗವಾಗಿ ಬೆಳಗ್ಗೆಯಿಂದಲೇ ವಿವಿಧ ಧಾರ್ಮಿಕ ಕಾರ್ಯಕ್ರಮಗಳು ನಡೆದವು. ಗಣಪತಿ ಹೋಮ, ನವಗ್ರಹ ಹೋಮ, ಅಷ್ಟದಿಕ್ಪಾಲಕ ಹೋಮ, ನಾಗದೇವತಾ ಪ್ರತಿಷ್ಠೆ ಹೋಮ, ಪೂರ್ಣಾಹುತಿ, ಕುಂಭಾಭಿಷೇಕ, ಪಂಚಾಮೃತ ಅಭಿಷೇಕ, ಅಷ್ಟಾವಧಾನ ಸೇವೆ, ಮಹಾ ಮಂಗಳಾರತಿ, ತೀರ್ಥ ಪ್ರಸಾದ ವಿನಿಯೋಗ ನಡೆಯಿತು. ಬಡಾವಣೆಯ ಎಲ್ಲಾ ನಾಗರಿಕರು ಪಾಲ್ಗೊಂಡಿದ್ದರು. ಬಡಾವಣೆಯ ನಿವಾಸಿಗಳು ಒಗ್ಗೂಡಿ ಅಶ್ವತ್ಥಕಟ್ಟೆ ಮತ್ತು ನಾಗದೇವತೆ ನಿರ್ಮಾಣ ಮಾಡಿದ್ದಾರೆ. ಭಾಗವಹಿಸಿದ ಭಕ್ತರಿಗೆ ಅನ್ನಸಂತರ್ಪಣೆ ಏರ್ಪಡಿಸಲಾಗಿತ್ತು. ನಗರಸಭೆ ಸದಸ್ಯರು, ಮುಖಂಡರು ಕಾರ್ಯಕ್ರಮದಲ್ಲಿ ಪಾಲ್ಗೊಂಡು, ತೀರ್ಥ ಪ್ರಸಾದ ವಿನಿಯೋಗದೊಂದಿಗೆ ಯಶಸ್ವಿಗೊಳಿಸಿದರು.

ಅಶ್ವತ್ಥಕಟ್ಟೆ ಪ್ರತಿಷ್ಠಾಪನೆಯ ಅಂಗವಾಗಿ ಬೆಳಗ್ಗೆಯಿಂದಲೇ ವಿವಿಧ ಧಾರ್ಮಿಕ ಕಾರ್ಯಕ್ರಮಗಳು ನಡೆದವು. ಗಣಪತಿ ಹೋಮ, ನವಗ್ರಹ ಹೋಮ, ಅಷ್ಟದಿಕ್ಪಾಲಕ ಹೋಮ, ನಾಗದೇವತಾ ಪ್ರತಿಷ್ಠೆ ಹೋಮ, ಪೂರ್ಣಾಹುತಿ, ಕುಂಭಾಭಿಷೇಕ, ಪಂಚಾಮೃತ ಅಭಿಷೇಕ, ಅಷ್ಟಾವಧಾನ ಸೇವೆ, ಮಹಾ ಮಂಗಳಾರತಿ, ತೀರ್ಥ ಪ್ರಸಾದ ವಿನಿಯೋಗ ನಡೆಯಿತು. ಬಡಾವಣೆಯ ಎಲ್ಲಾ ನಾಗರಿಕರು ಪಾಲ್ಗೊಂಡಿದ್ದರು. ಬಡಾವಣೆಯ ನಿವಾಸಿಗಳು ಒಗ್ಗೂಡಿ ಅಶ್ವತ್ಥಕಟ್ಟೆ ಮತ್ತು ನಾಗದೇವತೆ ನಿರ್ಮಾಣ ಮಾಡಿದ್ದಾರೆ. ಭಾಗವಹಿಸಿದ ಭಕ್ತರಿಗೆ ಅನ್ನಸಂತರ್ಪಣೆ ಏರ್ಪಡಿಸಲಾಗಿತ್ತು. ನಗರಸಭೆ ಸದಸ್ಯರು, ಮುಖಂಡರು ಕಾರ್ಯಕ್ರಮದಲ್ಲಿ ಪಾಲ್ಗೊಂಡು, ತೀರ್ಥ ಪ್ರಸಾದ ವಿನಿಯೋಗದೊಂದಿಗೆ ಯಶಸ್ವಿಗೊಳಿಸಿದರು.

ಆಕ್ಸ್‌ಫರ್ಡ್ ಶಾಲೆಯಲ್ಲಿ ಸಂಕ್ರಾಂತಿ ಆಚರಣೆ| ಸಾಂಸ್ಕೃತಿಕ ಕಾರ್ಯಕ್ರಮ
ಮಕ್ಕಳಿಗೆ ಆಚರಣೆಗಳ ಅರಿವು ಮೂಡಿಸಿ

• ಸೂಲಿಬೆಲೆ: ಪ್ರಸ್ತುತ ಕಾಲಘಟ್ಟದಲ್ಲಿ ವಿದ್ಯಾರ್ಥಿಗಳಲ್ಲಿ ಗ್ರಾಮೀಣ ಸೊಗಡಿನ ಆಚರಣೆಗಳ ಬಗ್ಗೆ ತಿಳಿಸಿಕೊಡುವುದು ಬಹಳ ಅವಶ್ಯಕತೆ ಇದೆ ಎಂದು ತಾಲ್ಲೂಕು ಪಂಚಾಯತ್ ಮಾಜಿ ಅಧ್ಯಕ್ಷ ಡಾ.ಡಿ.ಟಿ.ವೆಂಕಟೇಶ್ ಹೇಳಿದರು.

ಇಲ್ಲಿನ ನ್ಯೂ ಆಕ್ಸ್‌ಫರ್ಡ್ ಶಾಲೆಯಲ್ಲಿ ಹಮ್ಮಿಕೊಂಡಿದ್ದ ಸಂಕ್ರಾಂತಿ ಆಚರಣೆ ಹಾಗೂ ಮಕ್ಕಳಿಂದ ಸಾಂಸ್ಕೃತಿಕ ಕಾರ್ಯಕ್ರಮಗಳ ಉದ್ಘಾಟನೆ ನೆರವೇರಿಸಿ ಮಾತನಾಡಿದರು. ಗ್ರಾಮೀಣ ಭಾಗದ ಮಕ್ಕಳಿಗೆ ಶಿಕ್ಷಣದ ಜೊತೆಗೆ ಸಂಸ್ಕೃತಿ ಆಚರಣೆಗಳನ್ನು ಪರಿಚಯಿಸುವ ಕೆಲಸವನ್ನು ಶಾಲೆಯು ಮಾಡುತ್ತಿದೆ. ಮಕ್ಕಳಿಗೆ ಪ್ರತಿಯೊಂದು ಹಬ್ಬದ ಮಹತ್ವ ತಿಳಿಸಬೇಕು. ಪೋಷಕರು ಹಾಗೂ ಶಿಕ್ಷಕ ವರ್ಗ ಮಕ್ಕಳಿಗೆ ಉತ್ತಮ ಸಂಸ್ಕಾರ ನೀಡಬೇಕು ಎಂದರು.

ಶಿಕ್ಷಣದೊಂದಿಗೆ ಜೀವನದ ಮೌಲ್ಯಗಳ ಮನ್ನಣೆ ಸಿಗಬೇಕು ಎಂದು ಶಾಲೆಯ ಅಧ್ಯಕ್ಷ ಬಿ.ಎಂ.ನಾಗೇಶ್ ಮಾತನಾಡಿ, ಶಾಲೆಯಲ್ಲಿ ಸುತ್ತಲಿನ ಗ್ರಾಮೀಣ ಸಂಸ್ಕೃತಿ ಉಳಿಸುವ ಕಾರ್ಯ ನಡೆಯುತ್ತಿದೆ ಎಂದರು. ಪೋಷಕರು ಶಾಲೆಯ ಅಭಿವೃದ್ಧಿಗೆ ಕೈಜೋಡಿಸಬೇಕು ಎಂದರು. ಕಾರ್ಯಕ್ರಮದಲ್ಲಿ ಸಮುದಾಯದ ಮುಖಂಡರು, ಗ್ರಾಮ ಪಂಚಾಯಿತಿ ಸದಸ್ಯರು, ಪತ್ರಕರ್ತ ಪ್ರಶಾಂತ್, ಮಂಜುನಾಥ್, ಅವರನರು ಶಿವಣ್ಣ, ದೊಡ್ಡಹರಳಗೆರೆ ಸೋಮಣ್ಣ ಹಾಜರಿದ್ದರು.

ಇಲ್ಲಿನ ನ್ಯೂ ಆಕ್ಸ್‌ಫರ್ಡ್ ಶಾಲೆಯಲ್ಲಿ ಹಮ್ಮಿಕೊಂಡಿದ್ದ ಸಂಕ್ರಾಂತಿ ಆಚರಣೆ ಹಾಗೂ ಮಕ್ಕಳಿಂದ ಸಾಂಸ್ಕೃತಿಕ ಕಾರ್ಯಕ್ರಮಗಳ ಉದ್ಘಾಟನೆ ನೆರವೇರಿಸಿ ಮಾತನಾಡಿದರು. ಗ್ರಾಮೀಣ ಭಾಗದ ಮಕ್ಕಳಿಗೆ ಶಿಕ್ಷಣದ ಜೊತೆಗೆ ಸಂಸ್ಕೃತಿ ಆಚರಣೆಗಳನ್ನು ಪರಿಚಯಿಸುವ ಕೆಲಸವನ್ನು ಶಾಲೆಯು ಮಾಡುತ್ತಿದೆ. ಮಕ್ಕಳಿಗೆ ಪ್ರತಿಯೊಂದು ಹಬ್ಬದ ಮಹತ್ವ ತಿಳಿಸಬೇಕು. ಪೋಷಕರು ಹಾಗೂ ಶಿಕ್ಷಕ ವರ್ಗ ಮಕ್ಕಳಿಗೆ ಉತ್ತಮ ಸಂಸ್ಕಾರ ನೀಡಬೇಕು ಎಂದರು.
